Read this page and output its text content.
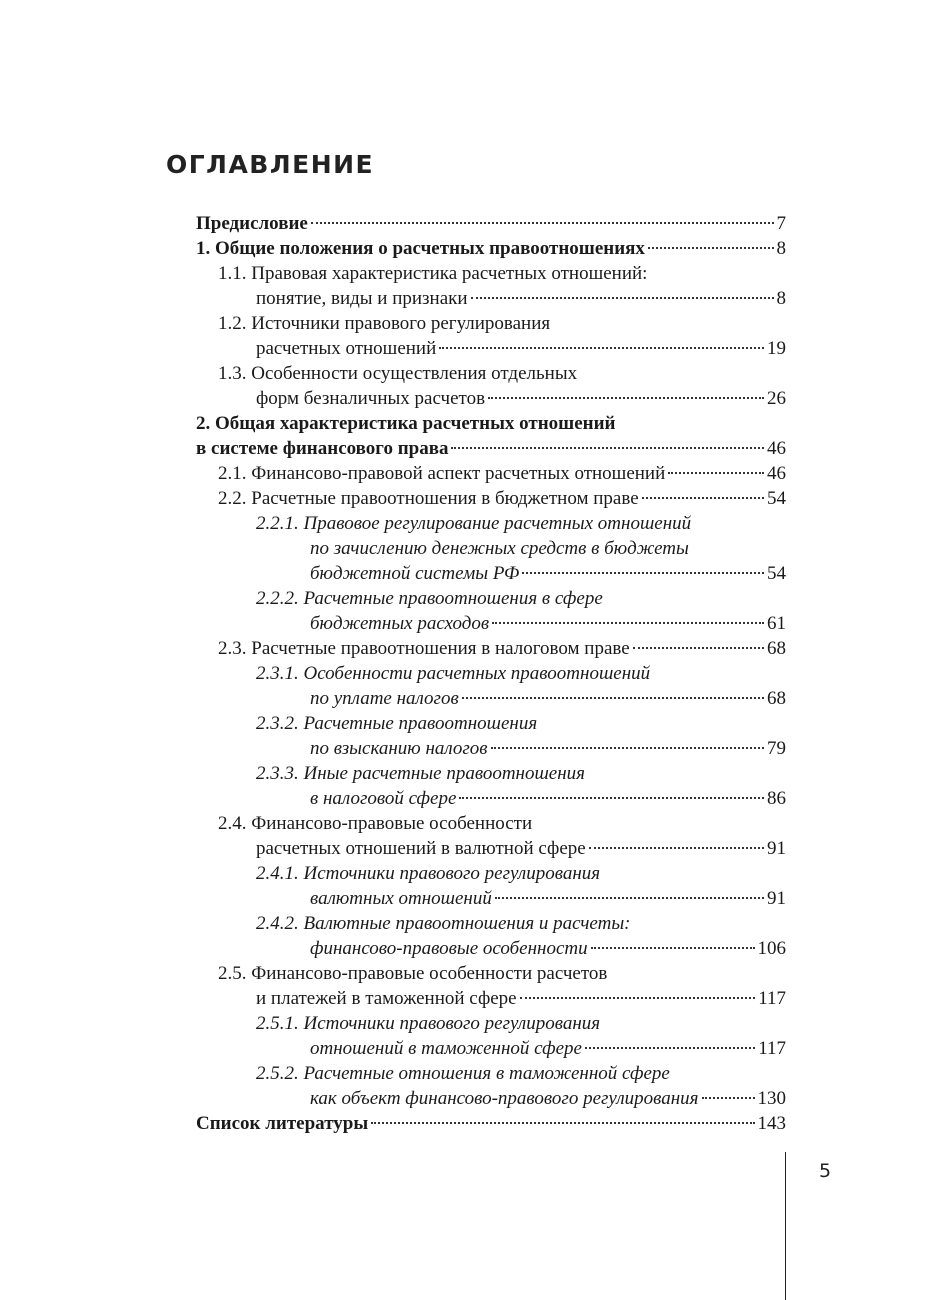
ОГЛАВЛЕНИЕ
Предисловие	7
1. Общие положения о расчетных правоотношениях	8
1.1. Правовая характеристика расчетных отношений:
понятие, виды и признаки	8
1.2. Источники правового регулирования
расчетных отношений	19
1.3. Особенности осуществления отдельных
форм безналичных расчетов	26
2. Общая характеристика расчетных отношений
в системе финансового права	46
2.1. Финансово-правовой аспект расчетных отношений	46
2.2. Расчетные правоотношения в бюджетном праве	54
2.2.1. Правовое регулирование расчетных отношений
по зачислению денежных средств в бюджеты
бюджетной системы РФ	54
2.2.2. Расчетные правоотношения в сфере
бюджетных расходов	61
2.3. Расчетные правоотношения в налоговом праве	68
2.3.1. Особенности расчетных правоотношений
по уплате налогов	68
2.3.2. Расчетные правоотношения
по взысканию налогов	79
2.3.3. Иные расчетные правоотношения
в налоговой сфере	86
2.4. Финансово-правовые особенности
расчетных отношений в валютной сфере	91
2.4.1. Источники правового регулирования
валютных отношений	91
2.4.2. Валютные правоотношения и расчеты:
финансово-правовые особенности	106
2.5. Финансово-правовые особенности расчетов
и платежей в таможенной сфере	117
2.5.1. Источники правового регулирования
отношений в таможенной сфере	117
2.5.2. Расчетные отношения в таможенной сфере
как объект финансово-правового регулирования	130
Список литературы	143
5
